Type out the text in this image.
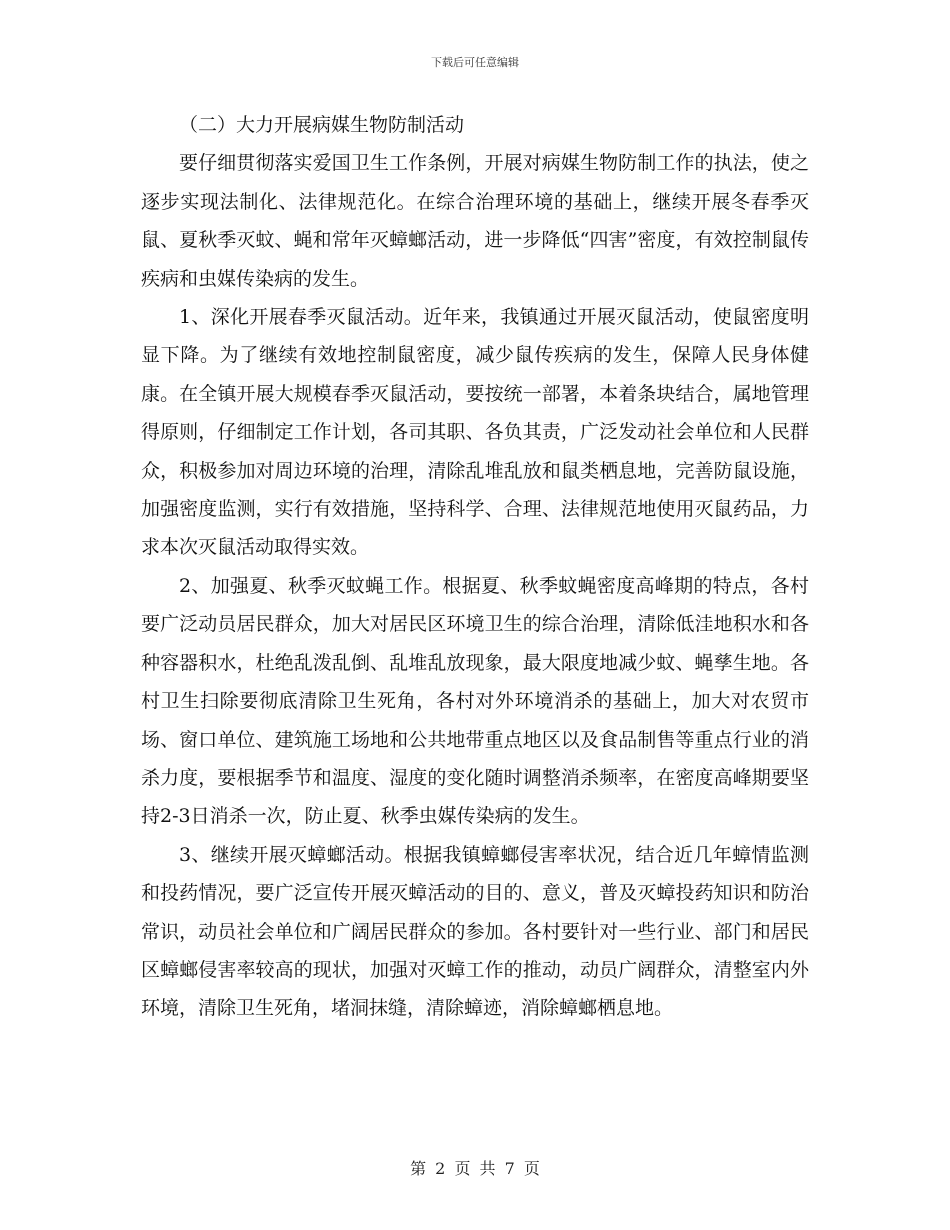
下载后可任意编辑

（二）大力开展病媒生物防制活动

要仔细贯彻落实爱国卫生工作条例，开展对病媒生物防制工作的执法，使之逐步实现法制化、法律规范化。在综合治理环境的基础上，继续开展冬春季灭鼠、夏秋季灭蚊、蝇和常年灭蟑螂活动，进一步降低“四害”密度，有效控制鼠传疾病和虫媒传染病的发生。

1、深化开展春季灭鼠活动。近年来，我镇通过开展灭鼠活动，使鼠密度明显下降。为了继续有效地控制鼠密度，减少鼠传疾病的发生，保障人民身体健康。在全镇开展大规模春季灭鼠活动，要按统一部署，本着条块结合，属地管理得原则，仔细制定工作计划，各司其职、各负其责，广泛发动社会单位和人民群众，积极参加对周边环境的治理，清除乱堆乱放和鼠类栖息地，完善防鼠设施，加强密度监测，实行有效措施，坚持科学、合理、法律规范地使用灭鼠药品，力求本次灭鼠活动取得实效。

2、加强夏、秋季灭蚊蝇工作。根据夏、秋季蚊蝇密度高峰期的特点，各村要广泛动员居民群众，加大对居民区环境卫生的综合治理，清除低洼地积水和各种容器积水，杜绝乱泼乱倒、乱堆乱放现象，最大限度地减少蚊、蝇孳生地。各村卫生扫除要彻底清除卫生死角，各村对外环境消杀的基础上，加大对农贸市场、窗口单位、建筑施工场地和公共地带重点地区以及食品制售等重点行业的消杀力度，要根据季节和温度、湿度的变化随时调整消杀频率，在密度高峰期要坚持2-3日消杀一次，防止夏、秋季虫媒传染病的发生。

3、继续开展灭蟑螂活动。根据我镇蟑螂侵害率状况，结合近几年蟑情监测和投药情况，要广泛宣传开展灭蟑活动的目的、意义，普及灭蟑投药知识和防治常识，动员社会单位和广阔居民群众的参加。各村要针对一些行业、部门和居民区蟑螂侵害率较高的现状，加强对灭蟑工作的推动，动员广阔群众，清整室内外环境，清除卫生死角，堵洞抹缝，清除蟑迹，消除蟑螂栖息地。

第 2 页 共 7 页
